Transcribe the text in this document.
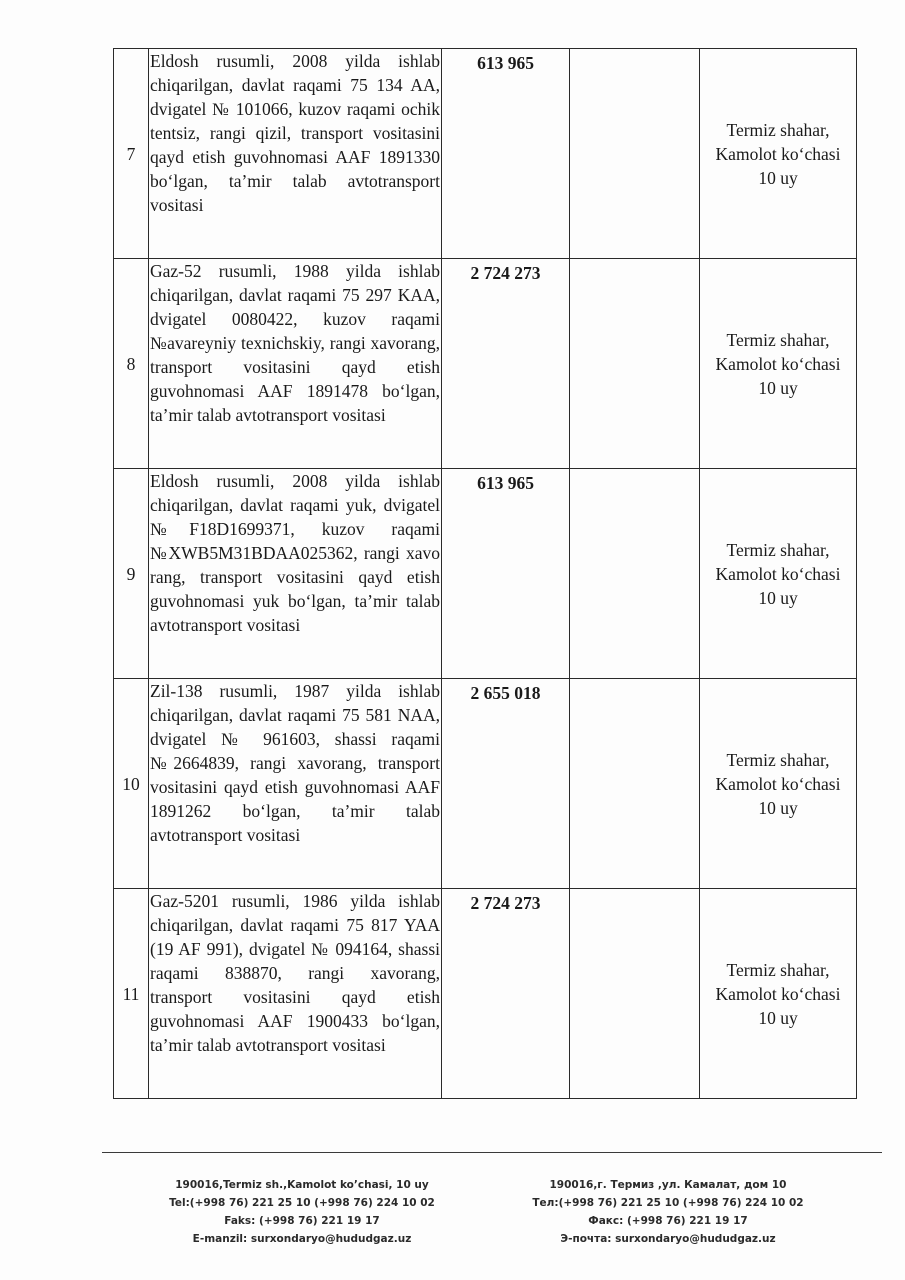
7	Eldosh rusumli, 2008 yilda ishlab chiqarilgan, davlat raqami 75 134 AA, dvigatel № 101066, kuzov raqami ochik tentsiz, rangi qizil, transport vositasini qayd etish guvohnomasi AAF 1891330 bo‘lgan, ta’mir talab avtotransport vositasi	613 965		Termiz shahar, Kamolot ko‘chasi 10 uy
8	Gaz-52 rusumli, 1988 yilda ishlab chiqarilgan, davlat raqami 75 297 KAA, dvigatel 0080422, kuzov raqami №avareyniy texnichskiy, rangi xavorang, transport vositasini qayd etish guvohnomasi AAF 1891478 bo‘lgan, ta’mir talab avtotransport vositasi	2 724 273		Termiz shahar, Kamolot ko‘chasi 10 uy
9	Eldosh rusumli, 2008 yilda ishlab chiqarilgan, davlat raqami yuk, dvigatel №F18D1699371, kuzov raqami №XWB5M31BDAA025362, rangi xavo rang, transport vositasini qayd etish guvohnomasi yuk bo‘lgan, ta’mir talab avtotransport vositasi	613 965		Termiz shahar, Kamolot ko‘chasi 10 uy
10	Zil-138 rusumli, 1987 yilda ishlab chiqarilgan, davlat raqami 75 581 NAA, dvigatel № 961603, shassi raqami №2664839, rangi xavorang, transport vositasini qayd etish guvohnomasi AAF 1891262 bo‘lgan, ta’mir talab avtotransport vositasi	2 655 018		Termiz shahar, Kamolot ko‘chasi 10 uy
11	Gaz-5201 rusumli, 1986 yilda ishlab chiqarilgan, davlat raqami 75 817 YAA (19 AF 991), dvigatel № 094164, shassi raqami 838870, rangi xavorang, transport vositasini qayd etish guvohnomasi AAF 1900433 bo‘lgan, ta’mir talab avtotransport vositasi	2 724 273		Termiz shahar, Kamolot ko‘chasi 10 uy
190016,Termiz sh.,Kamolot ko’chasi, 10 uy
Tel:(+998 76) 221 25 10 (+998 76) 224 10 02
Faks: (+998 76) 221 19 17
E-manzil: surxondaryo@hududgaz.uz
190016,г. Термиз ,ул. Камалат, дом 10
Тел:(+998 76) 221 25 10 (+998 76) 224 10 02
Факс: (+998 76) 221 19 17
Э-почта: surxondaryo@hududgaz.uz
